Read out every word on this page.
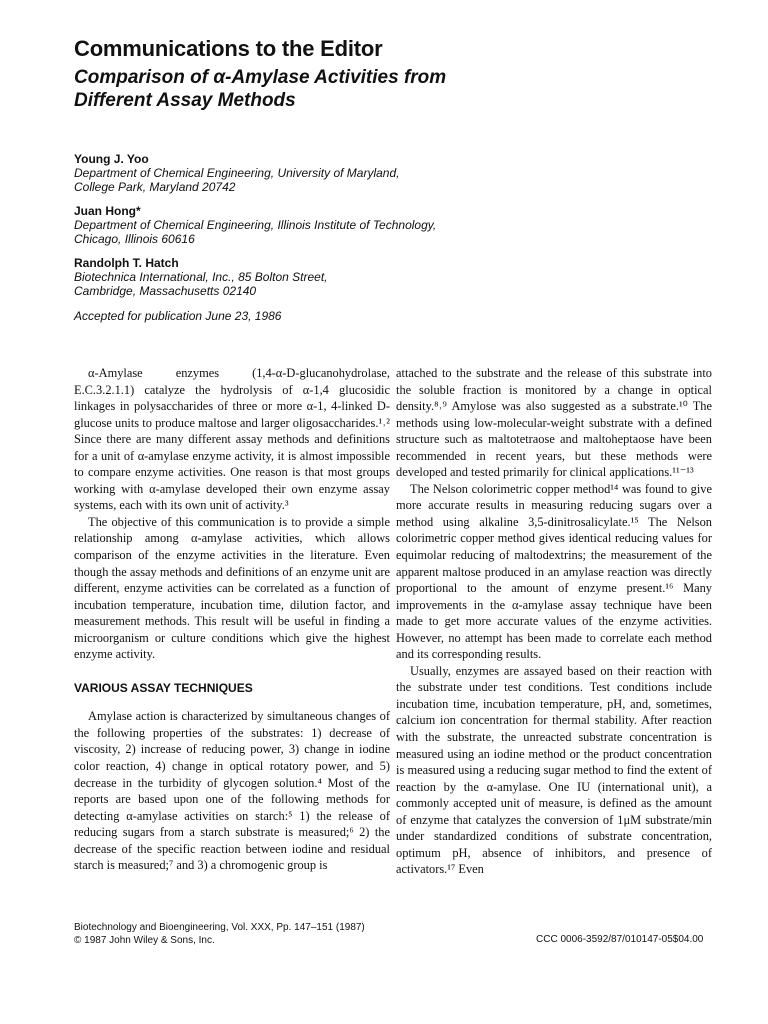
Communications to the Editor
Comparison of α-Amylase Activities from
Different Assay Methods
Young J. Yoo
Department of Chemical Engineering, University of Maryland,
College Park, Maryland 20742
Juan Hong*
Department of Chemical Engineering, Illinois Institute of Technology,
Chicago, Illinois 60616
Randolph T. Hatch
Biotechnica International, Inc., 85 Bolton Street,
Cambridge, Massachusetts 02140
Accepted for publication June 23, 1986

α-Amylase enzymes (1,4-α-D-glucanohydrolase, E.C.3.2.1.1) catalyze the hydrolysis of α-1,4 glucosidic linkages in polysaccharides of three or more α-1, 4-linked D-glucose units to produce maltose and larger oligosaccharides.¹˒² Since there are many different assay methods and definitions for a unit of α-amylase enzyme activity, it is almost impossible to compare enzyme activities. One reason is that most groups working with α-amylase developed their own enzyme assay systems, each with its own unit of activity.³

The objective of this communication is to provide a simple relationship among α-amylase activities, which allows comparison of the enzyme activities in the literature. Even though the assay methods and definitions of an enzyme unit are different, enzyme activities can be correlated as a function of incubation temperature, incubation time, dilution factor, and measurement methods. This result will be useful in finding a microorganism or culture conditions which give the highest enzyme activity.

VARIOUS ASSAY TECHNIQUES

Amylase action is characterized by simultaneous changes of the following properties of the substrates: 1) decrease of viscosity, 2) increase of reducing power, 3) change in iodine color reaction, 4) change in optical rotatory power, and 5) decrease in the turbidity of glycogen solution.⁴ Most of the reports are based upon one of the following methods for detecting α-amylase activities on starch:⁵ 1) the release of reducing sugars from a starch substrate is measured;⁶ 2) the decrease of the specific reaction between iodine and residual starch is measured;⁷ and 3) a chromogenic group is

attached to the substrate and the release of this substrate into the soluble fraction is monitored by a change in optical density.⁸˒⁹ Amylose was also suggested as a substrate.¹⁰ The methods using low-molecular-weight substrate with a defined structure such as maltotetraose and maltoheptaose have been recommended in recent years, but these methods were developed and tested primarily for clinical applications.¹¹⁻¹³

The Nelson colorimetric copper method¹⁴ was found to give more accurate results in measuring reducing sugars over a method using alkaline 3,5-dinitrosalicylate.¹⁵ The Nelson colorimetric copper method gives identical reducing values for equimolar reducing of maltodextrins; the measurement of the apparent maltose produced in an amylase reaction was directly proportional to the amount of enzyme present.¹⁶ Many improvements in the α-amylase assay technique have been made to get more accurate values of the enzyme activities. However, no attempt has been made to correlate each method and its corresponding results.

Usually, enzymes are assayed based on their reaction with the substrate under test conditions. Test conditions include incubation time, incubation temperature, pH, and, sometimes, calcium ion concentration for thermal stability. After reaction with the substrate, the unreacted substrate concentration is measured using an iodine method or the product concentration is measured using a reducing sugar method to find the extent of reaction by the α-amylase. One IU (international unit), a commonly accepted unit of measure, is defined as the amount of enzyme that catalyzes the conversion of 1μM substrate/min under standardized conditions of substrate concentration, optimum pH, absence of inhibitors, and presence of activators.¹⁷ Even

Biotechnology and Bioengineering, Vol. XXX, Pp. 147–151 (1987)
© 1987 John Wiley & Sons, Inc.	CCC 0006-3592/87/010147-05$04.00
